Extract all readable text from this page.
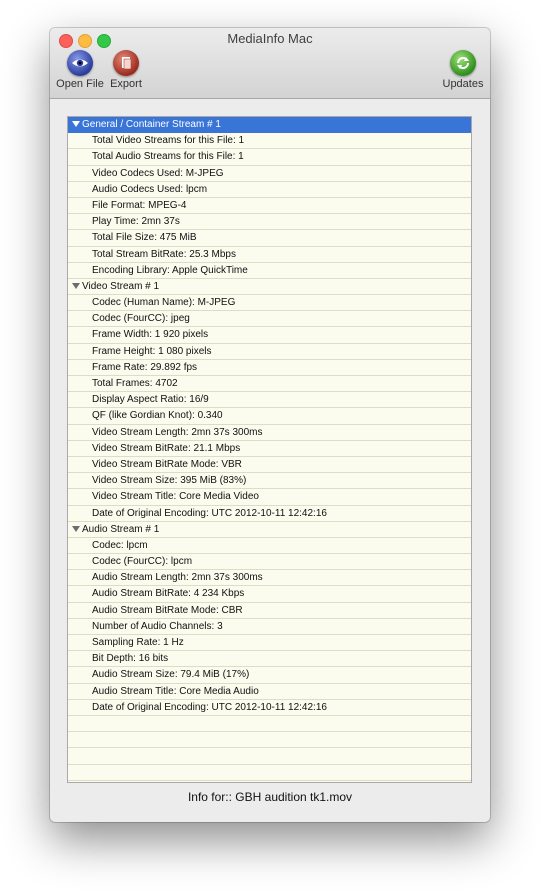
MediaInfo Mac
Open File Export	Updates
General / Container Stream # 1
Total Video Streams for this File: 1
Total Audio Streams for this File: 1
Video Codecs Used: M-JPEG
Audio Codecs Used: lpcm
File Format: MPEG-4
Play Time: 2mn 37s
Total File Size: 475 MiB
Total Stream BitRate: 25.3 Mbps
Encoding Library: Apple QuickTime
Video Stream # 1
Codec (Human Name): M-JPEG
Codec (FourCC): jpeg
Frame Width: 1 920 pixels
Frame Height: 1 080 pixels
Frame Rate: 29.892 fps
Total Frames: 4702
Display Aspect Ratio: 16/9
QF (like Gordian Knot): 0.340
Video Stream Length: 2mn 37s 300ms
Video Stream BitRate: 21.1 Mbps
Video Stream BitRate Mode: VBR
Video Stream Size: 395 MiB (83%)
Video Stream Title: Core Media Video
Date of Original Encoding: UTC 2012-10-11 12:42:16
Audio Stream # 1
Codec: lpcm
Codec (FourCC): lpcm
Audio Stream Length: 2mn 37s 300ms
Audio Stream BitRate: 4 234 Kbps
Audio Stream BitRate Mode: CBR
Number of Audio Channels: 3
Sampling Rate: 1 Hz
Bit Depth: 16 bits
Audio Stream Size: 79.4 MiB (17%)
Audio Stream Title: Core Media Audio
Date of Original Encoding: UTC 2012-10-11 12:42:16
Info for:: GBH audition tk1.mov
